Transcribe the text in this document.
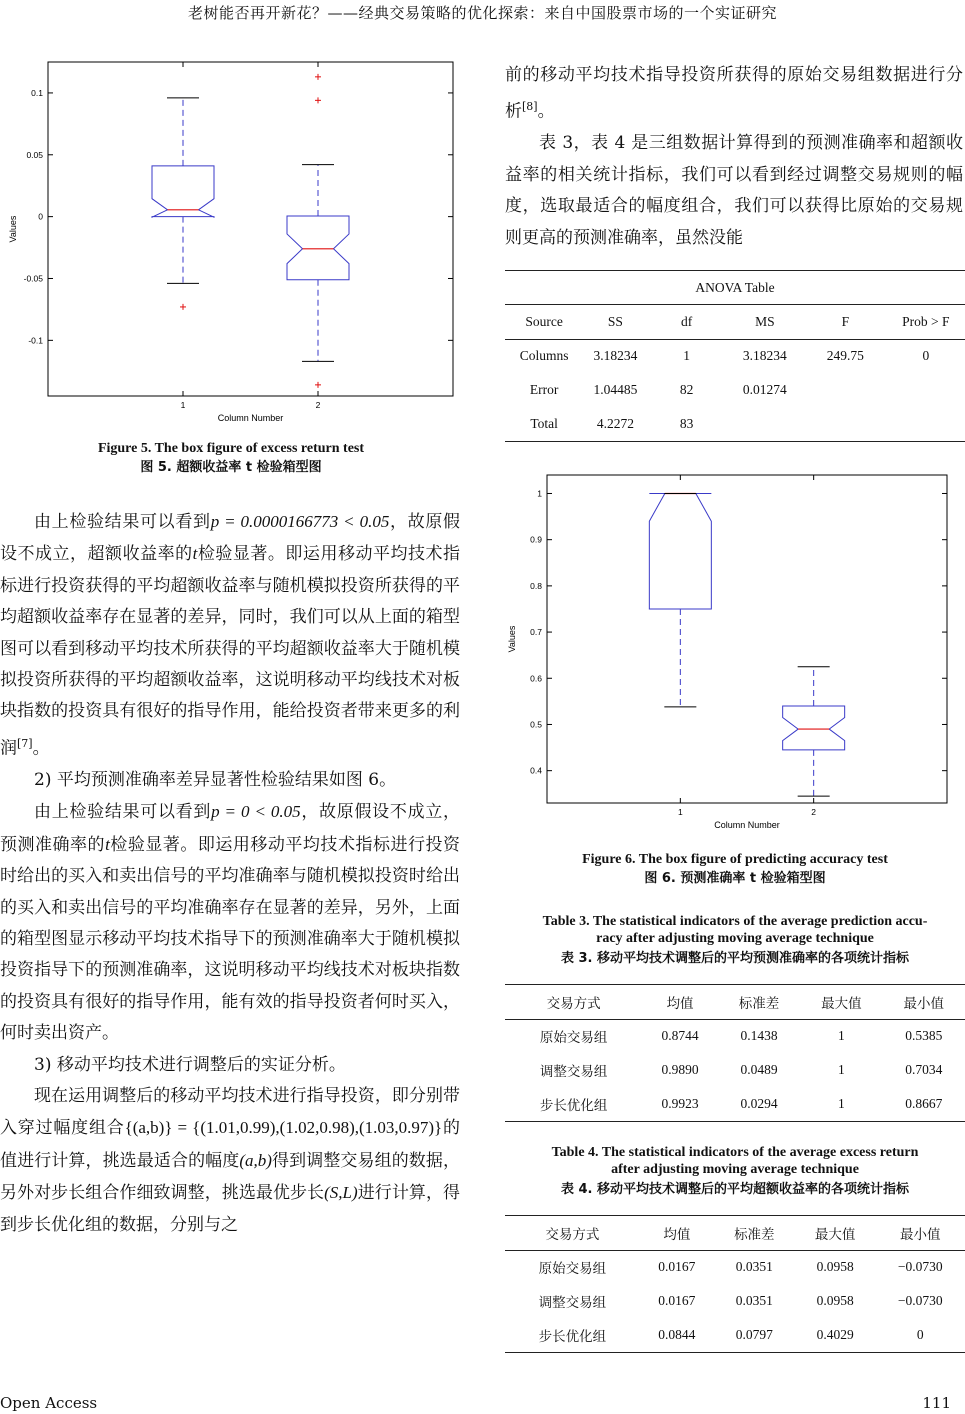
老树能否再开新花？——经典交易策略的优化探索：来自中国股票市场的一个实证研究
0.1
0.05
0
-0.05
-0.1
1	2
Column Number
Values
Figure 5. The box figure of excess return test
图 5. 超额收益率 t 检验箱型图

由上检验结果可以看到p = 0.0000166773 < 0.05，故原假设不成立，超额收益率的t检验显著。即运用移动平均技术指标进行投资获得的平均超额收益率与随机模拟投资所获得的平均超额收益率存在显著的差异，同时，我们可以从上面的箱型图可以看到移动平均技术所获得的平均超额收益率大于随机模拟投资所获得的平均超额收益率，这说明移动平均线技术对板块指数的投资具有很好的指导作用，能给投资者带来更多的利润[7]。

2) 平均预测准确率差异显著性检验结果如图 6。

由上检验结果可以看到p = 0 < 0.05，故原假设不成立，预测准确率的t检验显著。即运用移动平均技术指标进行投资时给出的买入和卖出信号的平均准确率与随机模拟投资时给出的买入和卖出信号的平均准确率存在显著的差异，另外，上面的箱型图显示移动平均技术指导下的预测准确率大于随机模拟投资指导下的预测准确率，这说明移动平均线技术对板块指数的投资具有很好的指导作用，能有效的指导投资者何时买入，何时卖出资产。

3) 移动平均技术进行调整后的实证分析。

现在运用调整后的移动平均技术进行指导投资，即分别带入穿过幅度组合{(a,b)} = {(1.01,0.99),(1.02,0.98),(1.03,0.97)}的值进行计算，挑选最适合的幅度(a,b)得到调整交易组的数据，另外对步长组合作细致调整，挑选最优步长(S,L)进行计算，得到步长优化组的数据，分别与之

前的移动平均技术指导投资所获得的原始交易组数据进行分析[8]。

表 3，表 4 是三组数据计算得到的预测准确率和超额收益率的相关统计指标，我们可以看到经过调整交易规则的幅度，选取最适合的幅度组合，我们可以获得比原始的交易规则更高的预测准确率，虽然没能

ANOVA Table
Source	SS	df	MS	F	Prob > F
Columns	3.18234	1	3.18234	249.75	0
Error	1.04485	82	0.01274		
Total	4.2272	83			
1
0.9
0.8
0.7
0.6
0.5
0.4
1	2
Column Number
Values
Figure 6. The box figure of predicting accuracy test
图 6. 预测准确率 t 检验箱型图
Table 3. The statistical indicators of the average prediction accu-
racy after adjusting moving average technique
表 3. 移动平均技术调整后的平均预测准确率的各项统计指标
交易方式	均值	标准差	最大值	最小值
原始交易组	0.8744	0.1438	1	0.5385
调整交易组	0.9890	0.0489	1	0.7034
步长优化组	0.9923	0.0294	1	0.8667
Table 4. The statistical indicators of the average excess return
after adjusting moving average technique
表 4. 移动平均技术调整后的平均超额收益率的各项统计指标
交易方式	均值	标准差	最大值	最小值
原始交易组	0.0167	0.0351	0.0958	−0.0730
调整交易组	0.0167	0.0351	0.0958	−0.0730
步长优化组	0.0844	0.0797	0.4029	0
Open Access	111
